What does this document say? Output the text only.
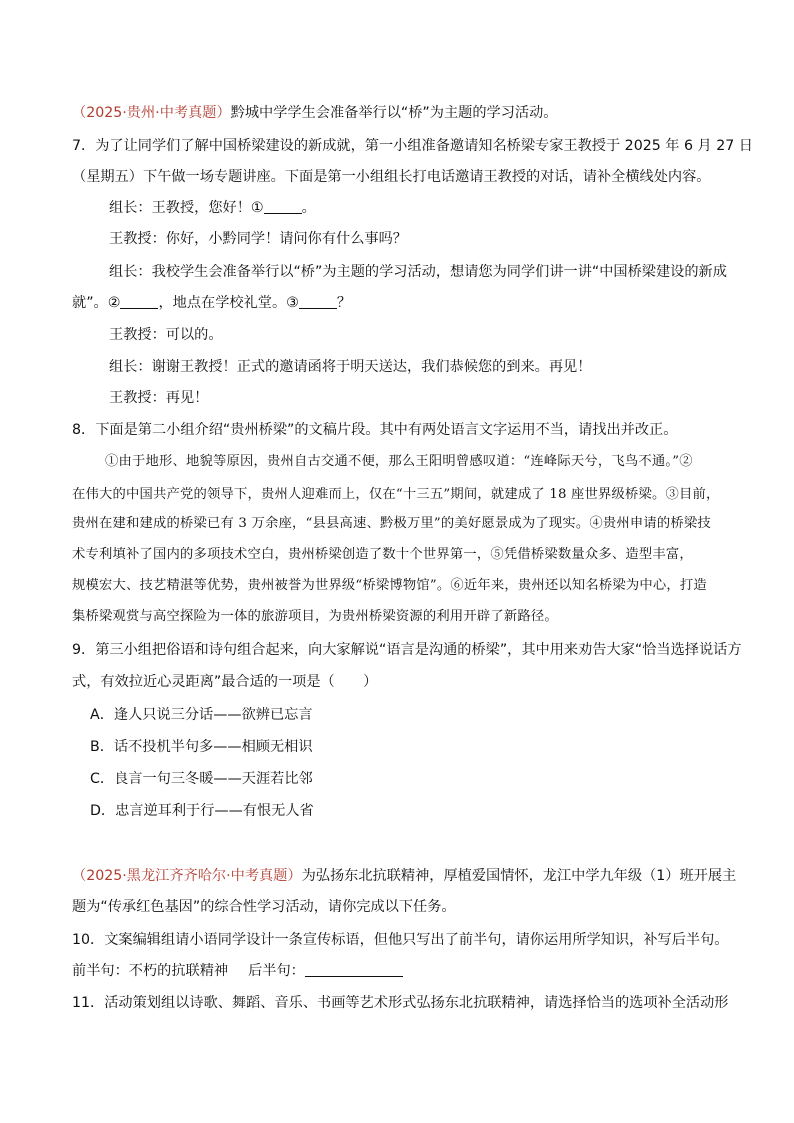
（2025·贵州·中考真题）黔城中学学生会准备举行以“桥”为主题的学习活动。
7．为了让同学们了解中国桥梁建设的新成就，第一小组准备邀请知名桥梁专家王教授于 2025 年 6 月 27 日
（星期五）下午做一场专题讲座。下面是第一小组组长打电话邀请王教授的对话，请补全横线处内容。
组长：王教授，您好！①	。
王教授：你好，小黔同学！请问你有什么事吗？
组长：我校学生会准备举行以“桥”为主题的学习活动，想请您为同学们讲一讲“中国桥梁建设的新成
就”。②	，地点在学校礼堂。③	？
王教授：可以的。
组长：谢谢王教授！正式的邀请函将于明天送达，我们恭候您的到来。再见！
王教授：再见！
8．下面是第二小组介绍“贵州桥梁”的文稿片段。其中有两处语言文字运用不当，请找出并改正。
①由于地形、地貌等原因，贵州自古交通不便，那么王阳明曾感叹道：“连峰际天兮，飞鸟不通。”②
在伟大的中国共产党的领导下，贵州人迎难而上，仅在“十三五”期间，就建成了 18 座世界级桥梁。③目前，
贵州在建和建成的桥梁已有 3 万余座，“县县高速、黔极万里”的美好愿景成为了现实。④贵州申请的桥梁技
术专利填补了国内的多项技术空白，贵州桥梁创造了数十个世界第一，⑤凭借桥梁数量众多、造型丰富，
规模宏大、技艺精湛等优势，贵州被誉为世界级“桥梁博物馆”。⑥近年来，贵州还以知名桥梁为中心，打造
集桥梁观赏与高空探险为一体的旅游项目，为贵州桥梁资源的利用开辟了新路径。
9．第三小组把俗语和诗句组合起来，向大家解说“语言是沟通的桥梁”，其中用来劝告大家“恰当选择说话方
式，有效拉近心灵距离”最合适的一项是（　　）
A．逢人只说三分话——欲辨已忘言
B．话不投机半句多——相顾无相识
C．良言一句三冬暖——天涯若比邻
D．忠言逆耳利于行——有恨无人省
（2025·黑龙江齐齐哈尔·中考真题）为弘扬东北抗联精神，厚植爱国情怀，龙江中学九年级（1）班开展主
题为“传承红色基因”的综合性学习活动，请你完成以下任务。
10．文案编辑组请小语同学设计一条宣传标语，但他只写出了前半句，请你运用所学知识，补写后半句。
前半句：不朽的抗联精神 后半句：
11．活动策划组以诗歌、舞蹈、音乐、书画等艺术形式弘扬东北抗联精神，请选择恰当的选项补全活动形
